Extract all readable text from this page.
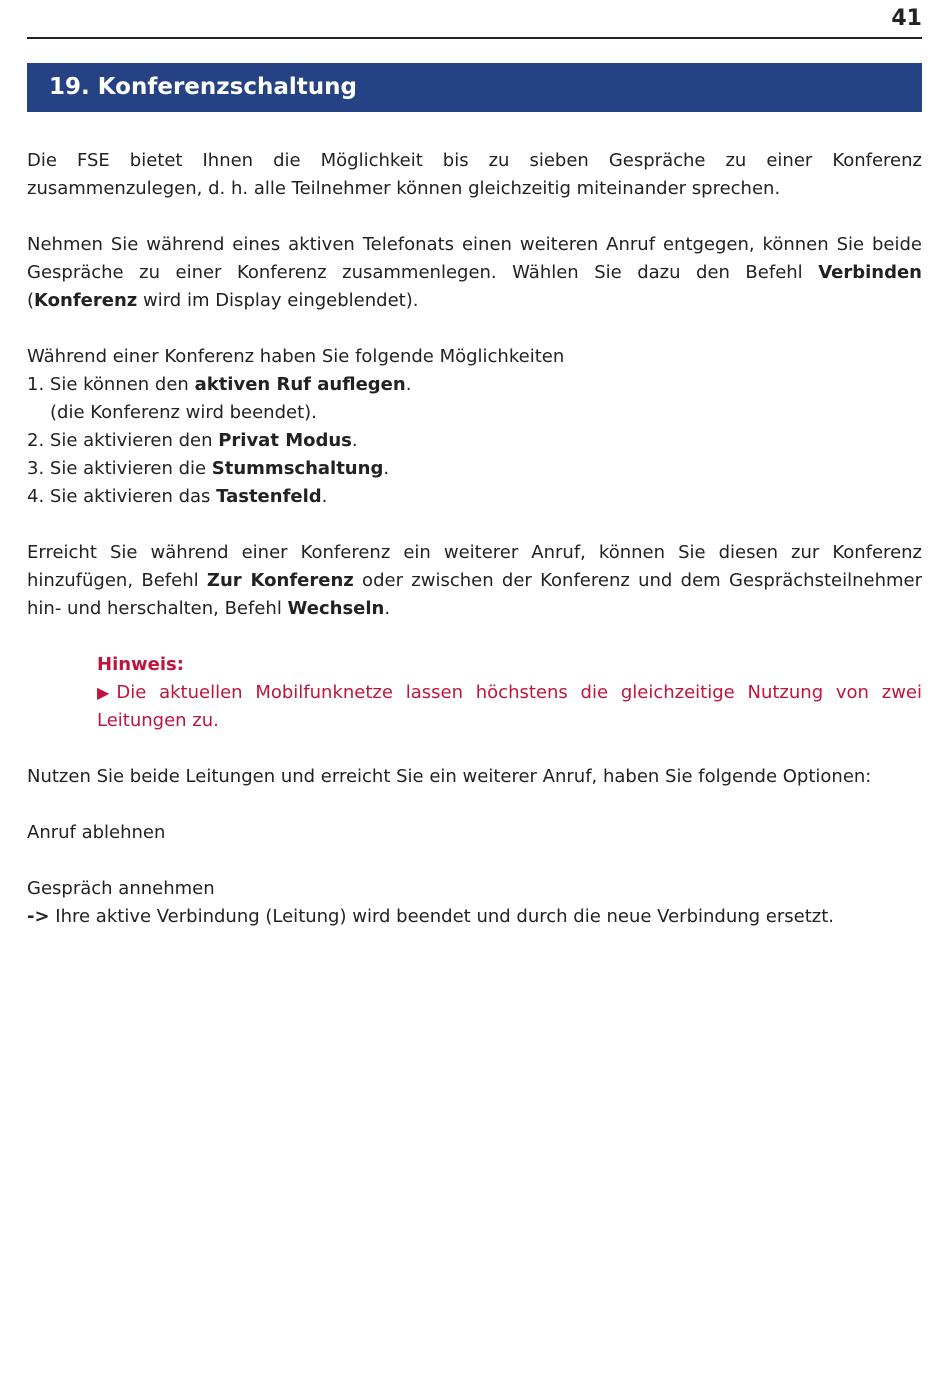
41
19. Konferenzschaltung

Die FSE bietet Ihnen die Möglichkeit bis zu sieben Gespräche zu einer Konferenz zusammenzulegen, d. h. alle Teilnehmer können gleichzeitig miteinander sprechen.

Nehmen Sie während eines aktiven Telefonats einen weiteren Anruf entgegen, können Sie beide Gespräche zu einer Konferenz zusammenlegen. Wählen Sie dazu den Befehl Verbinden (Konferenz wird im Display eingeblendet).

Während einer Konferenz haben Sie folgende Möglichkeiten

1. Sie können den aktiven Ruf auflegen.
(die Konferenz wird beendet).
2. Sie aktivieren den Privat Modus.
3. Sie aktivieren die Stummschaltung.
4. Sie aktivieren das Tastenfeld.

Erreicht Sie während einer Konferenz ein weiterer Anruf, können Sie diesen zur Konferenz hinzufügen, Befehl Zur Konferenz oder zwischen der Konferenz und dem Gesprächsteilnehmer hin- und herschalten, Befehl Wechseln.

Hinweis:

▶Die aktuellen Mobilfunknetze lassen höchstens die gleichzeitige Nutzung von zwei Leitungen zu.

Nutzen Sie beide Leitungen und erreicht Sie ein weiterer Anruf, haben Sie folgende Optionen:

Anruf ablehnen

Gespräch annehmen

-> Ihre aktive Verbindung (Leitung) wird beendet und durch die neue Verbindung ersetzt.
